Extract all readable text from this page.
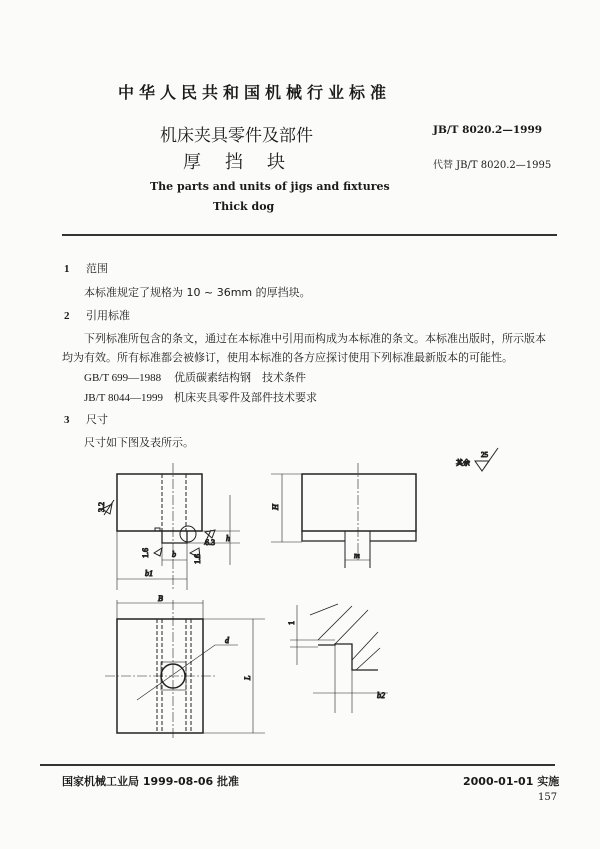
中华人民共和国机械行业标准
机床夹具零件及部件
厚挡块
The parts and units of jigs and fixtures
Thick dog
JB/T 8020.2—1999
代替 JB/T 8020.2—1995
1 范围
本标准规定了规格为 10 ~ 36mm 的厚挡块。
2 引用标准
下列标准所包含的条文，通过在本标准中引用而构成为本标准的条文。本标准出版时，所示版本
均为有效。所有标准都会被修订，使用本标准的各方应探讨使用下列标准最新版本的可能性。
GB/T 699—1988 优质碳素结构钢　技术条件
JB/T 8044—1999 机床夹具零件及部件技术要求
3 尺寸
尺寸如下图及表所示。
其余
25
3.2
1.6
1.6
6.3 h
b
b1
H
m
B
d
L
1
b2
国家机械工业局 1999-08-06 批准	2000-01-01 实施
157
